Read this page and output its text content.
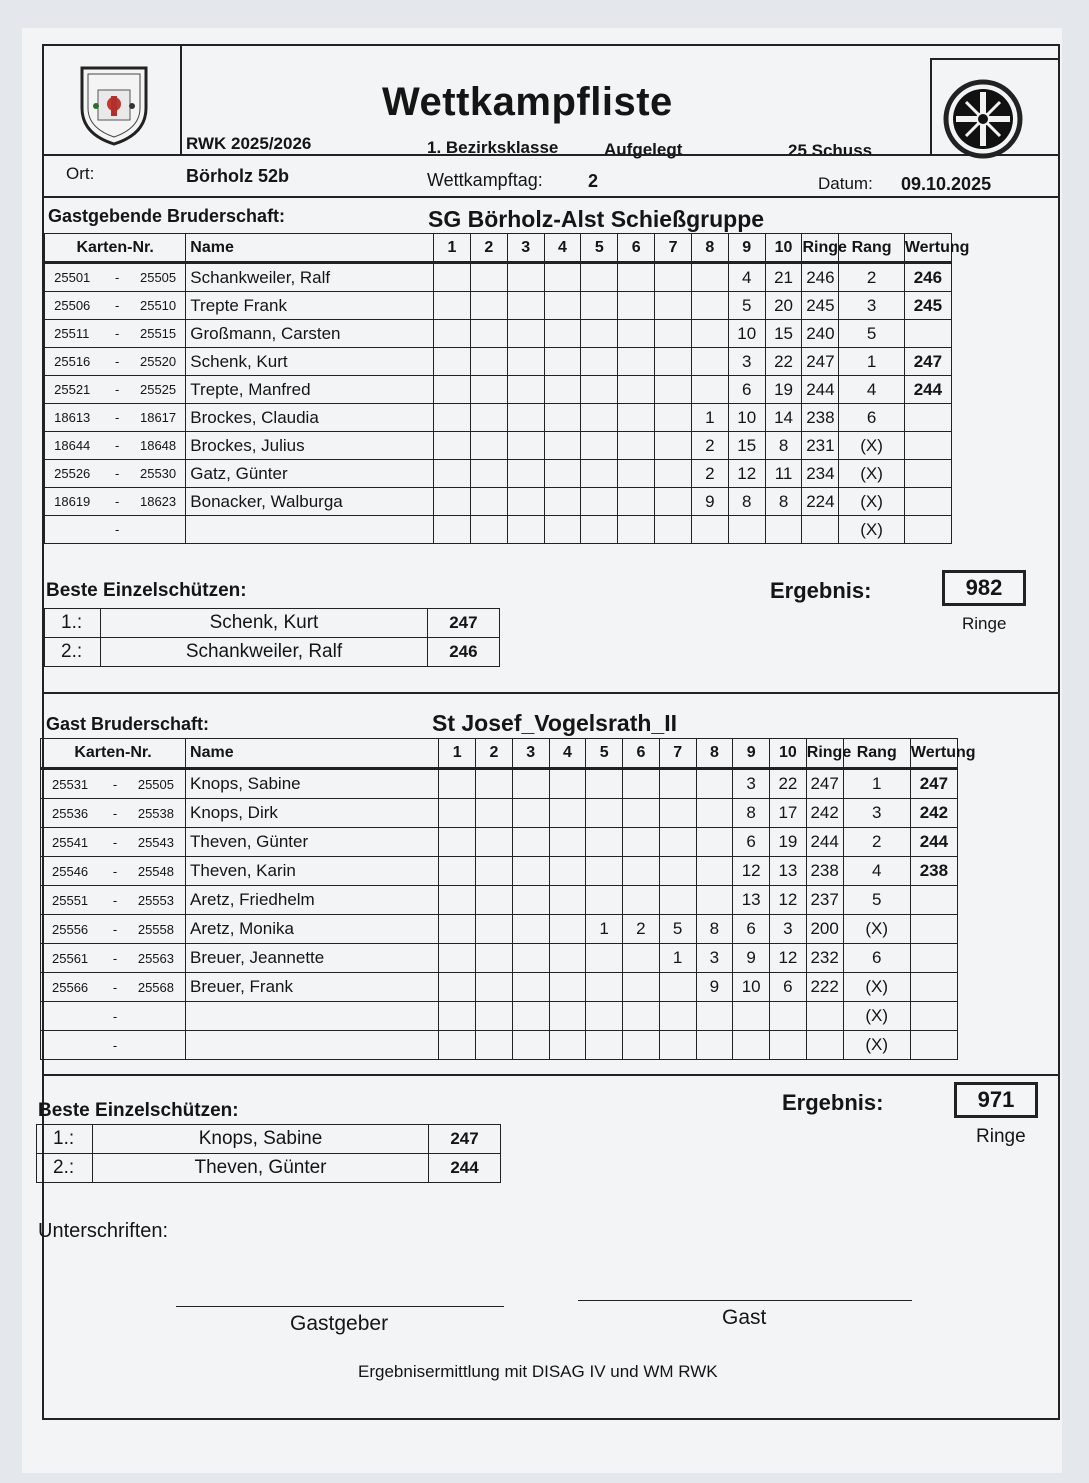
Wettkampfliste
RWK 2025/2026	1. Bezirksklasse	Aufgelegt	25 Schuss
Ort:	Börholz 52b	Wettkampftag:	2	Datum: 09.10.2025
Gastgebende Bruderschaft:	SG Börholz-Alst Schießgruppe
Karten-Nr.	Name	1	2	3	4	5	6	7	8	9	10	Ringe	Rang	Wertung
25501 - 25505	Schankweiler, Ralf									4	21	246	2	246
25506 - 25510	Trepte Frank									5	20	245	3	245
25511 - 25515	Großmann, Carsten									10	15	240	5	
25516 - 25520	Schenk, Kurt									3	22	247	1	247
25521 - 25525	Trepte, Manfred									6	19	244	4	244
18613 - 18617	Brockes, Claudia								1	10	14	238	6	
18644 - 18648	Brockes, Julius								2	15	8	231	(X)	
25526 - 25530	Gatz, Günter								2	12	11	234	(X)	
18619 - 18623	Bonacker, Walburga								9	8	8	224	(X)	
-													(X)	
Beste Einzelschützen:
1.:	Schenk, Kurt	247
2.:	Schankweiler, Ralf	246
Ergebnis:	982
Ringe
Gast Bruderschaft:	St Josef_Vogelsrath_II
Karten-Nr.	Name	1	2	3	4	5	6	7	8	9	10	Ringe	Rang	Wertung
25531 - 25505	Knops, Sabine									3	22	247	1	247
25536 - 25538	Knops, Dirk									8	17	242	3	242
25541 - 25543	Theven, Günter									6	19	244	2	244
25546 - 25548	Theven, Karin									12	13	238	4	238
25551 - 25553	Aretz, Friedhelm									13	12	237	5	
25556 - 25558	Aretz, Monika					1	2	5	8	6	3	200	(X)	
25561 - 25563	Breuer, Jeannette							1	3	9	12	232	6	
25566 - 25568	Breuer, Frank								9	10	6	222	(X)	
-													(X)	
-													(X)	
Beste Einzelschützen:
1.:	Knops, Sabine	247
2.:	Theven, Günter	244
Ergebnis:	971
Ringe
Unterschriften:
Gastgeber	Gast
Ergebnisermittlung mit DISAG IV und WM RWK
